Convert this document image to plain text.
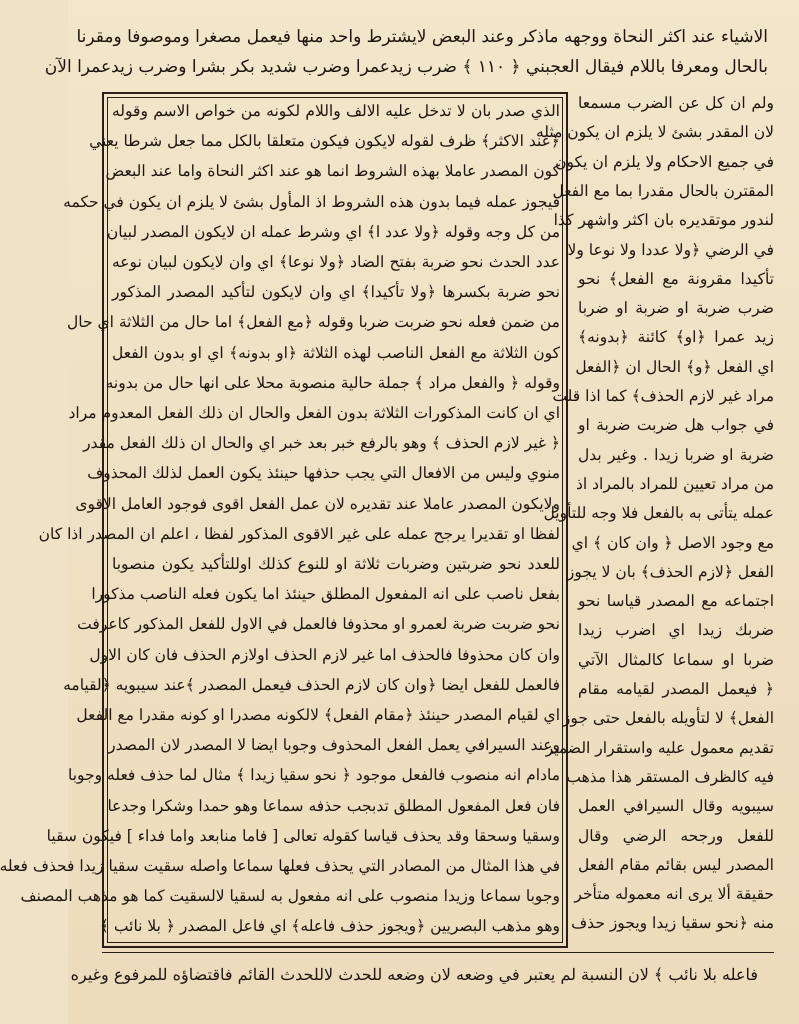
الاشياء عند اكثر النحاة ووجهه ماذكر وعند البعض لايشترط واحد منها فيعمل مصغرا وموصوفا ومقرنا
بالحال ومعرفا باللام فيقال العجبني ﴿ ١١٠ ﴾ ضرب زيدعمرا وضرب شديد بكر بشرا وضرب زيدعمرا الآن
فاعله بلا نائب ﴾ لان النسبة لم يعتبر في وضعه لان وضعه للحدث لاللحدث القائم فاقتضاؤه للمرفوع وغيره
الذي صدر بان لا تدخل عليه الالف واللام لكونه من خواص الاسم وقوله
﴿عند الاكثر﴾ ظرف لقوله لايكون فيكون متعلقا بالكل مما جعل شرطا يعني
كون المصدر عاملا بهذه الشروط انما هو عند اكثر النحاة واما عند البعض
فيجوز عمله فيما بدون هذه الشروط اذ المأول بشئ لا يلزم ان يكون في حكمه
من كل وجه وقوله ﴿ولا عدد ا﴾ اي وشرط عمله ان لايكون المصدر لبيان
عدد الحدث نحو ضربة بفتح الضاد ﴿ولا نوعا﴾ اي وان لايكون لبيان نوعه
نحو ضربة بكسرها ﴿ولا تأكيدا﴾ اي وان لايكون لتأكيد المصدر المذكور
من ضمن فعله نحو ضربت ضربا وقوله ﴿مع الفعل﴾ اما حال من الثلاثة اي حال
كون الثلاثة مع الفعل الناصب لهذه الثلاثة ﴿او بدونه﴾ اي او بدون الفعل
وقوله ﴿ والفعل مراد ﴾ جملة حالية منصوبة محلا على انها حال من بدونه
اي ان كانت المذكورات الثلاثة بدون الفعل والحال ان ذلك الفعل المعدوم مراد
﴿ غير لازم الحذف ﴾ وهو بالرفع خبر بعد خبر اي والحال ان ذلك الفعل مقدر
منوي وليس من الافعال التي يجب حذفها حينئذ يكون العمل لذلك المحذوف
ولايكون المصدر عاملا عند تقديره لان عمل الفعل اقوى فوجود العامل الاقوى
لفظا او تقديرا يرجح عمله على غير الاقوى المذكور لفظا ، اعلم ان المصدر اذا كان
للعدد نحو ضربتين وضربات ثلاثة او للنوع كذلك اوللتأكيد يكون منصوبا
بفعل ناصب على انه المفعول المطلق حينئذ اما يكون فعله الناصب مذكورا
نحو ضربت ضربة لعمرو او محذوفا فالعمل في الاول للفعل المذكور كاعرفت
وان كان محذوفا فالحذف اما غير لازم الحذف اولازم الحذف فان كان الاول
فالعمل للفعل ايضا ﴿وان كان لازم الحذف فيعمل المصدر ﴾عند سيبويه ﴿لقيامه
اي لقيام المصدر حينئذ ﴿مقام الفعل﴾ لالكونه مصدرا او كونه مقدرا مع الفعل
وعند السيرافي يعمل الفعل المحذوف وجوبا ايضا لا المصدر لان المصدر
مادام انه منصوب فالفعل موجود ﴿ نحو سقيا زيدا ﴾ مثال لما حذف فعله وجوبا
فان فعل المفعول المطلق تدبجب حذفه سماعا وهو حمدا وشكرا وجدعا
وسقيا وسحقا وقد يحذف قياسا كقوله تعالى [ فاما منابعد واما فداء ] فيكون سقيا
في هذا المثال من المصادر التي يحذف فعلها سماعا واصله سقيت سقيا زيدا فحذف فعله
وجوبا سماعا وزيدا منصوب على انه مفعول به لسقيا لالسقيت كما هو مذهب المصنف
وهو مذهب البصريين ﴿ويجوز حذف فاعله﴾ اي فاعل المصدر ﴿ بلا نائب ﴾
ولم ان كل عن الضرب مسمعا
لان المقدر بشئ لا يلزم ان يكون مثله
في جميع الاحكام ولا يلزم ان يكون
المقترن بالحال مقدرا بما مع الفعل
لندور موتقديره بان اكثر واشهر كذا
في الرضي ﴿ولا عددا ولا نوعا ولا
تأكيدا مقرونة مع الفعل﴾ نحو
ضرب ضربة او ضربة او ضربا
زيد عمرا ﴿او﴾ كائنة ﴿بدونه﴾
اي الفعل ﴿و﴾ الحال ان ﴿الفعل
مراد غير لازم الحذف﴾ كما اذا قلت
في جواب هل ضربت ضربة او
ضربة او ضربا زيدا . وغير بدل
من مراد تعيين للمراد بالمراد اذ
عمله يتأتى به بالفعل فلا وجه للتأويل
مع وجود الاصل ﴿ وان كان ﴾ اي
الفعل ﴿لازم الحذف﴾ بان لا يجوز
اجتماعه مع المصدر قياسا نحو
ضربك زيدا اي اضرب زيدا
ضربا او سماعا كالمثال الآتي
﴿ فيعمل المصدر لقيامه مقام
الفعل﴾ لا لتأويله بالفعل حتى جوز
تقديم معمول عليه واستقرار الضمير
فيه كالظرف المستقر هذا مذهب
سيبويه وقال السيرافي العمل
للفعل ورجحه الرضي وقال
المصدر ليس بقائم مقام الفعل
حقيقة ألا يرى انه معموله متأخر
منه ﴿نحو سقيا زيدا ويجوز حذف
